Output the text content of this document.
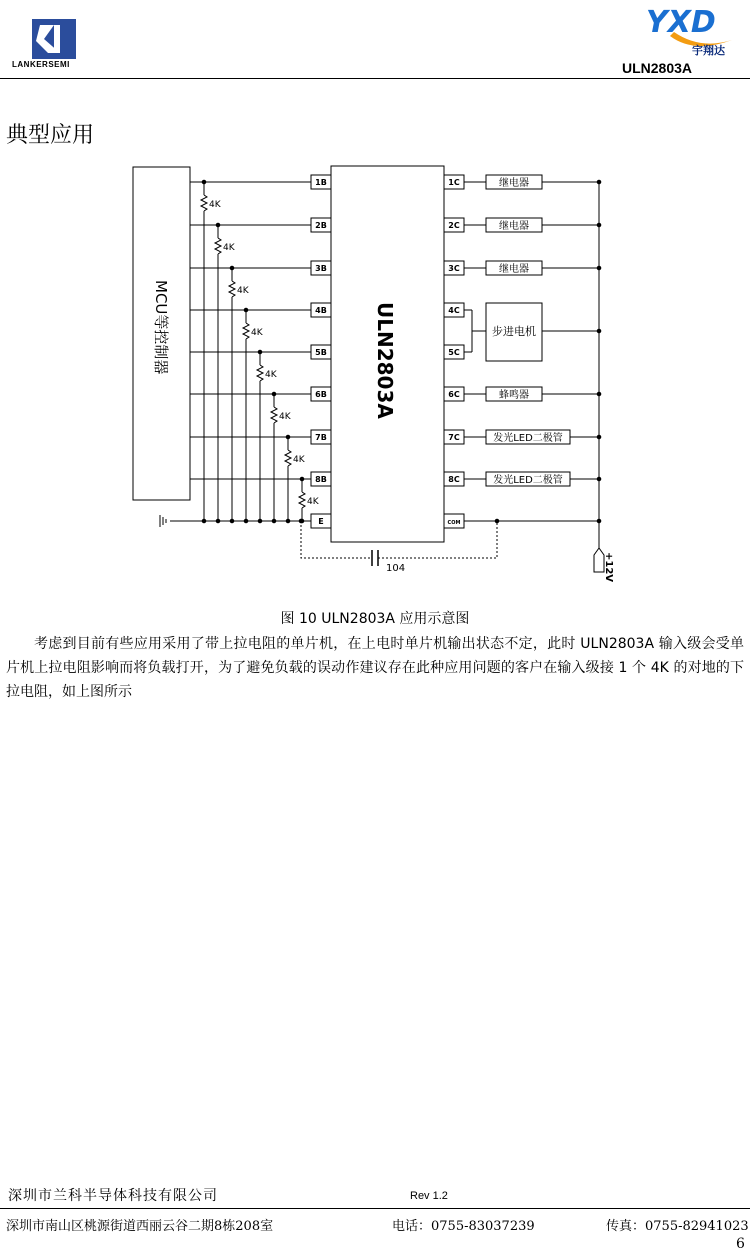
LANKERSEMI
YXD
宇翔达
ULN2803A
典型应用
MCU等控制器	ULN2803A
1B
4K
2B
4K
3B
4K
4B
4K
5B
4K
6B
4K
7B
4K
8B
4K
E
1C
2C
3C
4C
5C
6C
7C
8C
COM
继电器
继电器
继电器
步进电机
蜂鸣器
发光LED二极管
发光LED二极管
104	+12V
图 10 ULN2803A 应用示意图
考虑到目前有些应用采用了带上拉电阻的单片机，在上电时单片机输出状态不定，此时 ULN2803A 输入级会受单片机上拉电阻影响而将负载打开，为了避免负载的误动作建议存在此种应用问题的客户在输入级接 1 个 4K 的对地的下拉电阻，如上图所示
深圳市兰科半导体科技有限公司	Rev 1.2
深圳市南山区桃源街道西丽云谷二期8栋208室	电话：0755-83037239	传真：0755-82941023
6
